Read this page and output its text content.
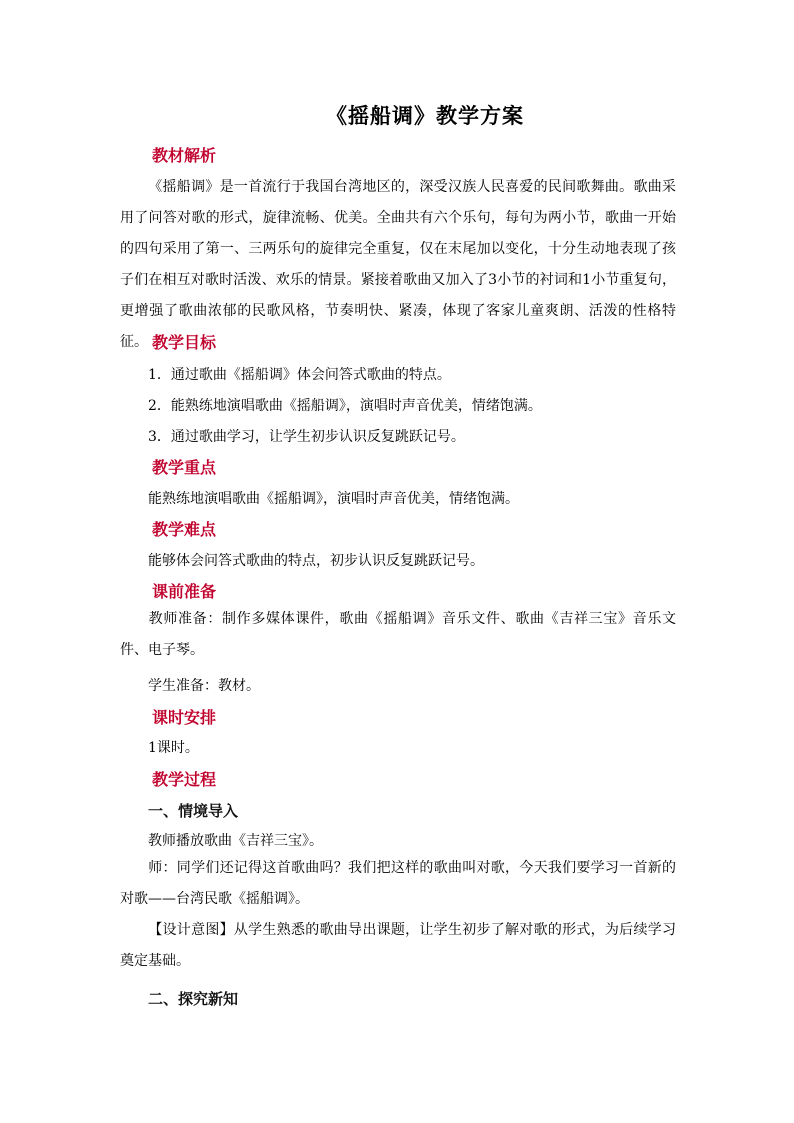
《摇船调》教学方案
教材解析
《摇船调》是一首流行于我国台湾地区的，深受汉族人民喜爱的民间歌舞曲。歌曲采用了问答对歌的形式，旋律流畅、优美。全曲共有六个乐句，每句为两小节，歌曲一开始的四句采用了第一、三两乐句的旋律完全重复，仅在末尾加以变化，十分生动地表现了孩子们在相互对歌时活泼、欢乐的情景。紧接着歌曲又加入了3小节的衬词和1小节重复句，更增强了歌曲浓郁的民歌风格，节奏明快、紧凑，体现了客家儿童爽朗、活泼的性格特征。 教学目标
1．通过歌曲《摇船调》体会问答式歌曲的特点。
2．能熟练地演唱歌曲《摇船调》，演唱时声音优美，情绪饱满。
3．通过歌曲学习，让学生初步认识反复跳跃记号。
教学重点
能熟练地演唱歌曲《摇船调》，演唱时声音优美，情绪饱满。
教学难点
能够体会问答式歌曲的特点，初步认识反复跳跃记号。
课前准备
教师准备：制作多媒体课件，歌曲《摇船调》音乐文件、歌曲《吉祥三宝》音乐文件、电子琴。
学生准备：教材。
课时安排
1课时。
教学过程
一、情境导入
教师播放歌曲《吉祥三宝》。
师：同学们还记得这首歌曲吗？我们把这样的歌曲叫对歌，今天我们要学习一首新的对歌——台湾民歌《摇船调》。
【设计意图】从学生熟悉的歌曲导出课题，让学生初步了解对歌的形式，为后续学习奠定基础。
二、探究新知
